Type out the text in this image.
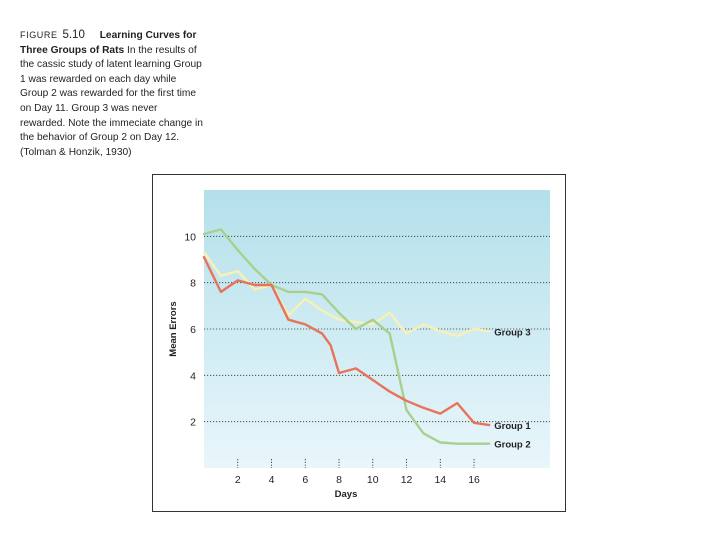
FIGURE 5.10 Learning Curves for Three Groups of Rats In the results of the cassic study of latent learning Group 1 was rewarded on each day while Group 2 was rewarded for the first time on Day 11. Group 3 was never rewarded. Note the immeciate change in the behavior of Group 2 on Day 12. (Tolman & Honzik, 1930)
2	4	6	8 10 12 14 16
2
4
6
8
10
Group 1
Group 2
Group 3
Days
Mean Errors
